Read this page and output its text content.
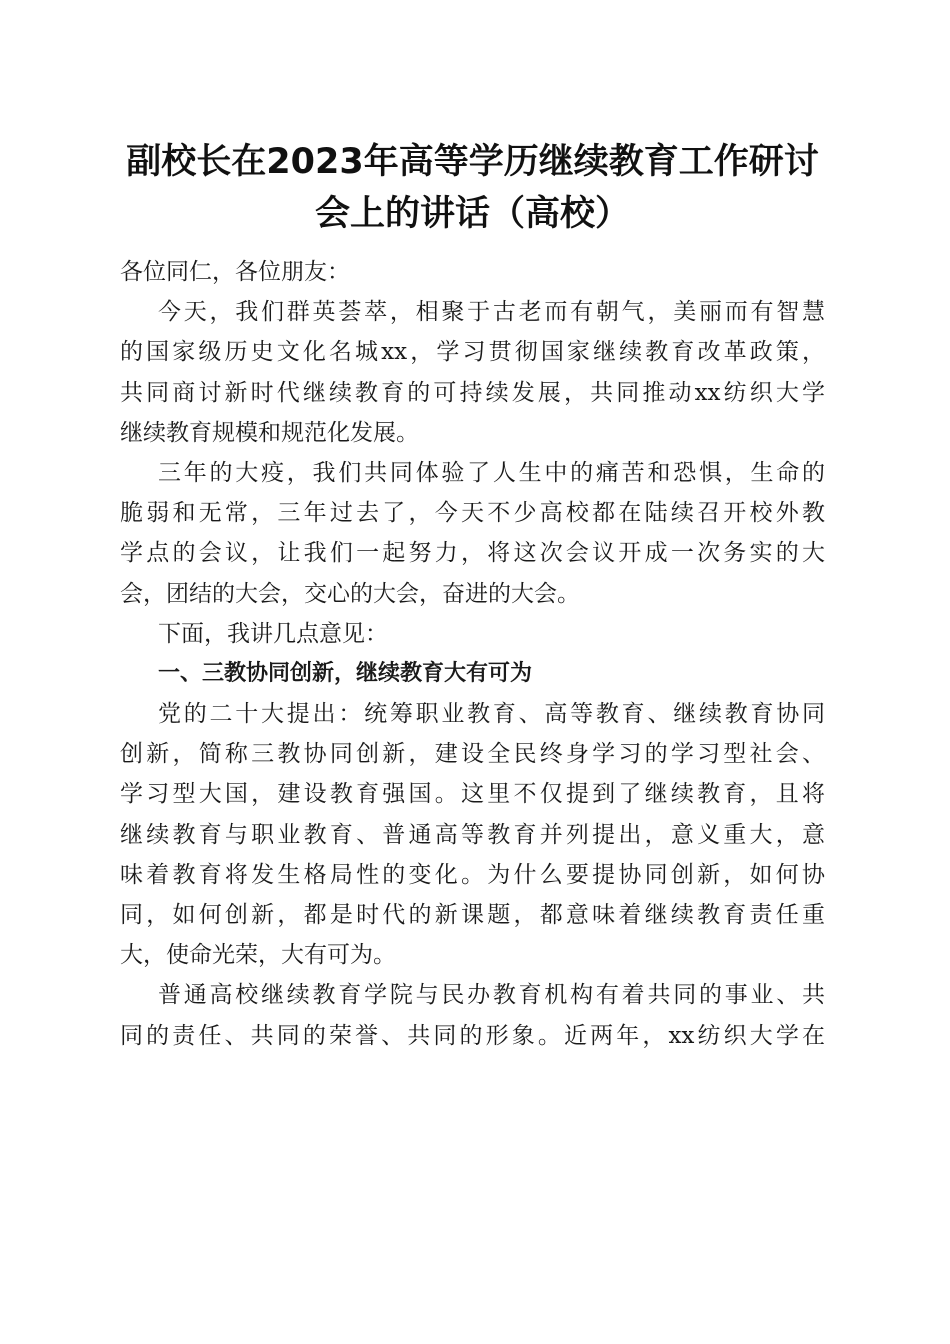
副校长在2023年高等学历继续教育工作研讨
会上的讲话（高校）
各位同仁，各位朋友：
今天，我们群英荟萃，相聚于古老而有朝气，美丽而有智慧
的国家级历史文化名城xx，学习贯彻国家继续教育改革政策，
共同商讨新时代继续教育的可持续发展，共同推动xx纺织大学
继续教育规模和规范化发展。
三年的大疫，我们共同体验了人生中的痛苦和恐惧，生命的
脆弱和无常，三年过去了，今天不少高校都在陆续召开校外教
学点的会议，让我们一起努力，将这次会议开成一次务实的大
会，团结的大会，交心的大会，奋进的大会。
下面，我讲几点意见：
一、三教协同创新，继续教育大有可为
党的二十大提出：统筹职业教育、高等教育、继续教育协同
创新，简称三教协同创新，建设全民终身学习的学习型社会、
学习型大国，建设教育强国。这里不仅提到了继续教育，且将
继续教育与职业教育、普通高等教育并列提出，意义重大，意
味着教育将发生格局性的变化。为什么要提协同创新，如何协
同，如何创新，都是时代的新课题，都意味着继续教育责任重
大，使命光荣，大有可为。
普通高校继续教育学院与民办教育机构有着共同的事业、共
同的责任、共同的荣誉、共同的形象。近两年，xx纺织大学在
